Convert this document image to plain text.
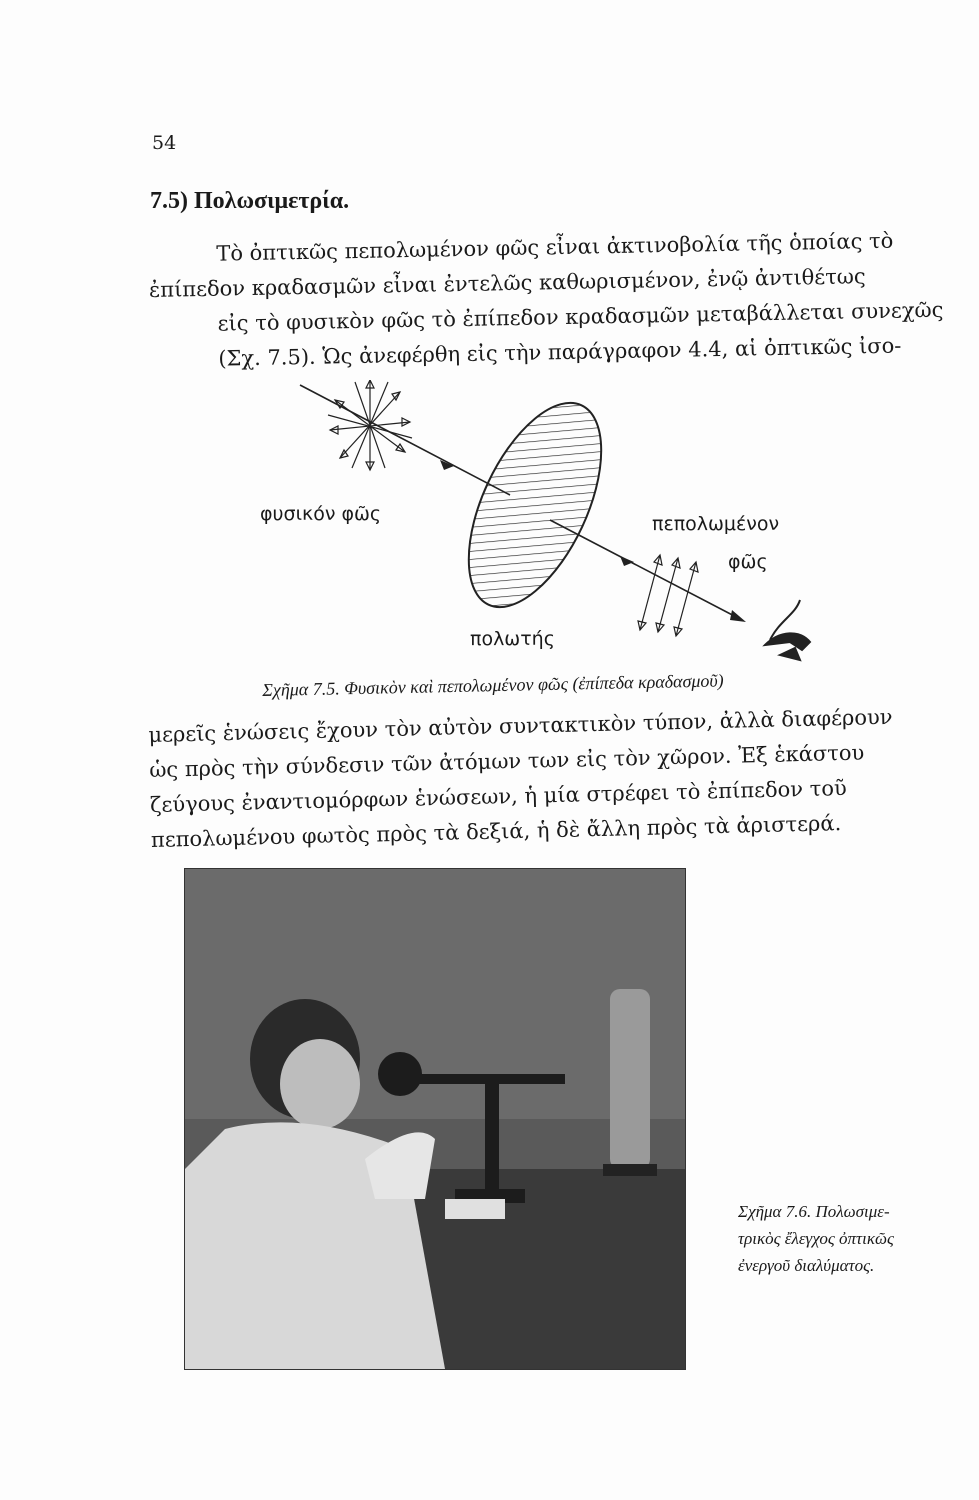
54
7.5) Πολωσιμετρία.

Τὸ ὀπτικῶς πεπολωμένον φῶς εἶναι ἀκτινοβολία τῆς ὁποίας τὸ
ἐπίπεδον κραδασμῶν εἶναι ἐντελῶς καθωρισμένον, ἐνῷ ἀντιθέτως
εἰς τὸ φυσικὸν φῶς τὸ ἐπίπεδον κραδασμῶν μεταβάλλεται συνεχῶς
(Σχ. 7.5). Ὡς ἀνεφέρθη εἰς τὴν παράγραφον 4.4, αἱ ὀπτικῶς ἰσο-

φυσικόν φῶς
πολωτής
πεπολωμένον
φῶς
Σχῆμα 7.5. Φυσικὸν καὶ πεπολωμένον φῶς (ἐπίπεδα κραδασμοῦ)

μερεῖς ἑνώσεις ἔχουν τὸν αὐτὸν συντακτικὸν τύπον, ἀλλὰ διαφέρουν
ὡς πρὸς τὴν σύνδεσιν τῶν ἀτόμων των εἰς τὸν χῶρον. Ἐξ ἑκάστου
ζεύγους ἐναντιομόρφων ἑνώσεων, ἡ μία στρέφει τὸ ἐπίπεδον τοῦ
πεπολωμένου φωτὸς πρὸς τὰ δεξιά, ἡ δὲ ἄλλη πρὸς τὰ ἀριστερά.

Σχῆμα 7.6. Πολωσιμε-
τρικὸς ἔλεγχος ὀπτικῶς
ἐνεργοῦ διαλύματος.
